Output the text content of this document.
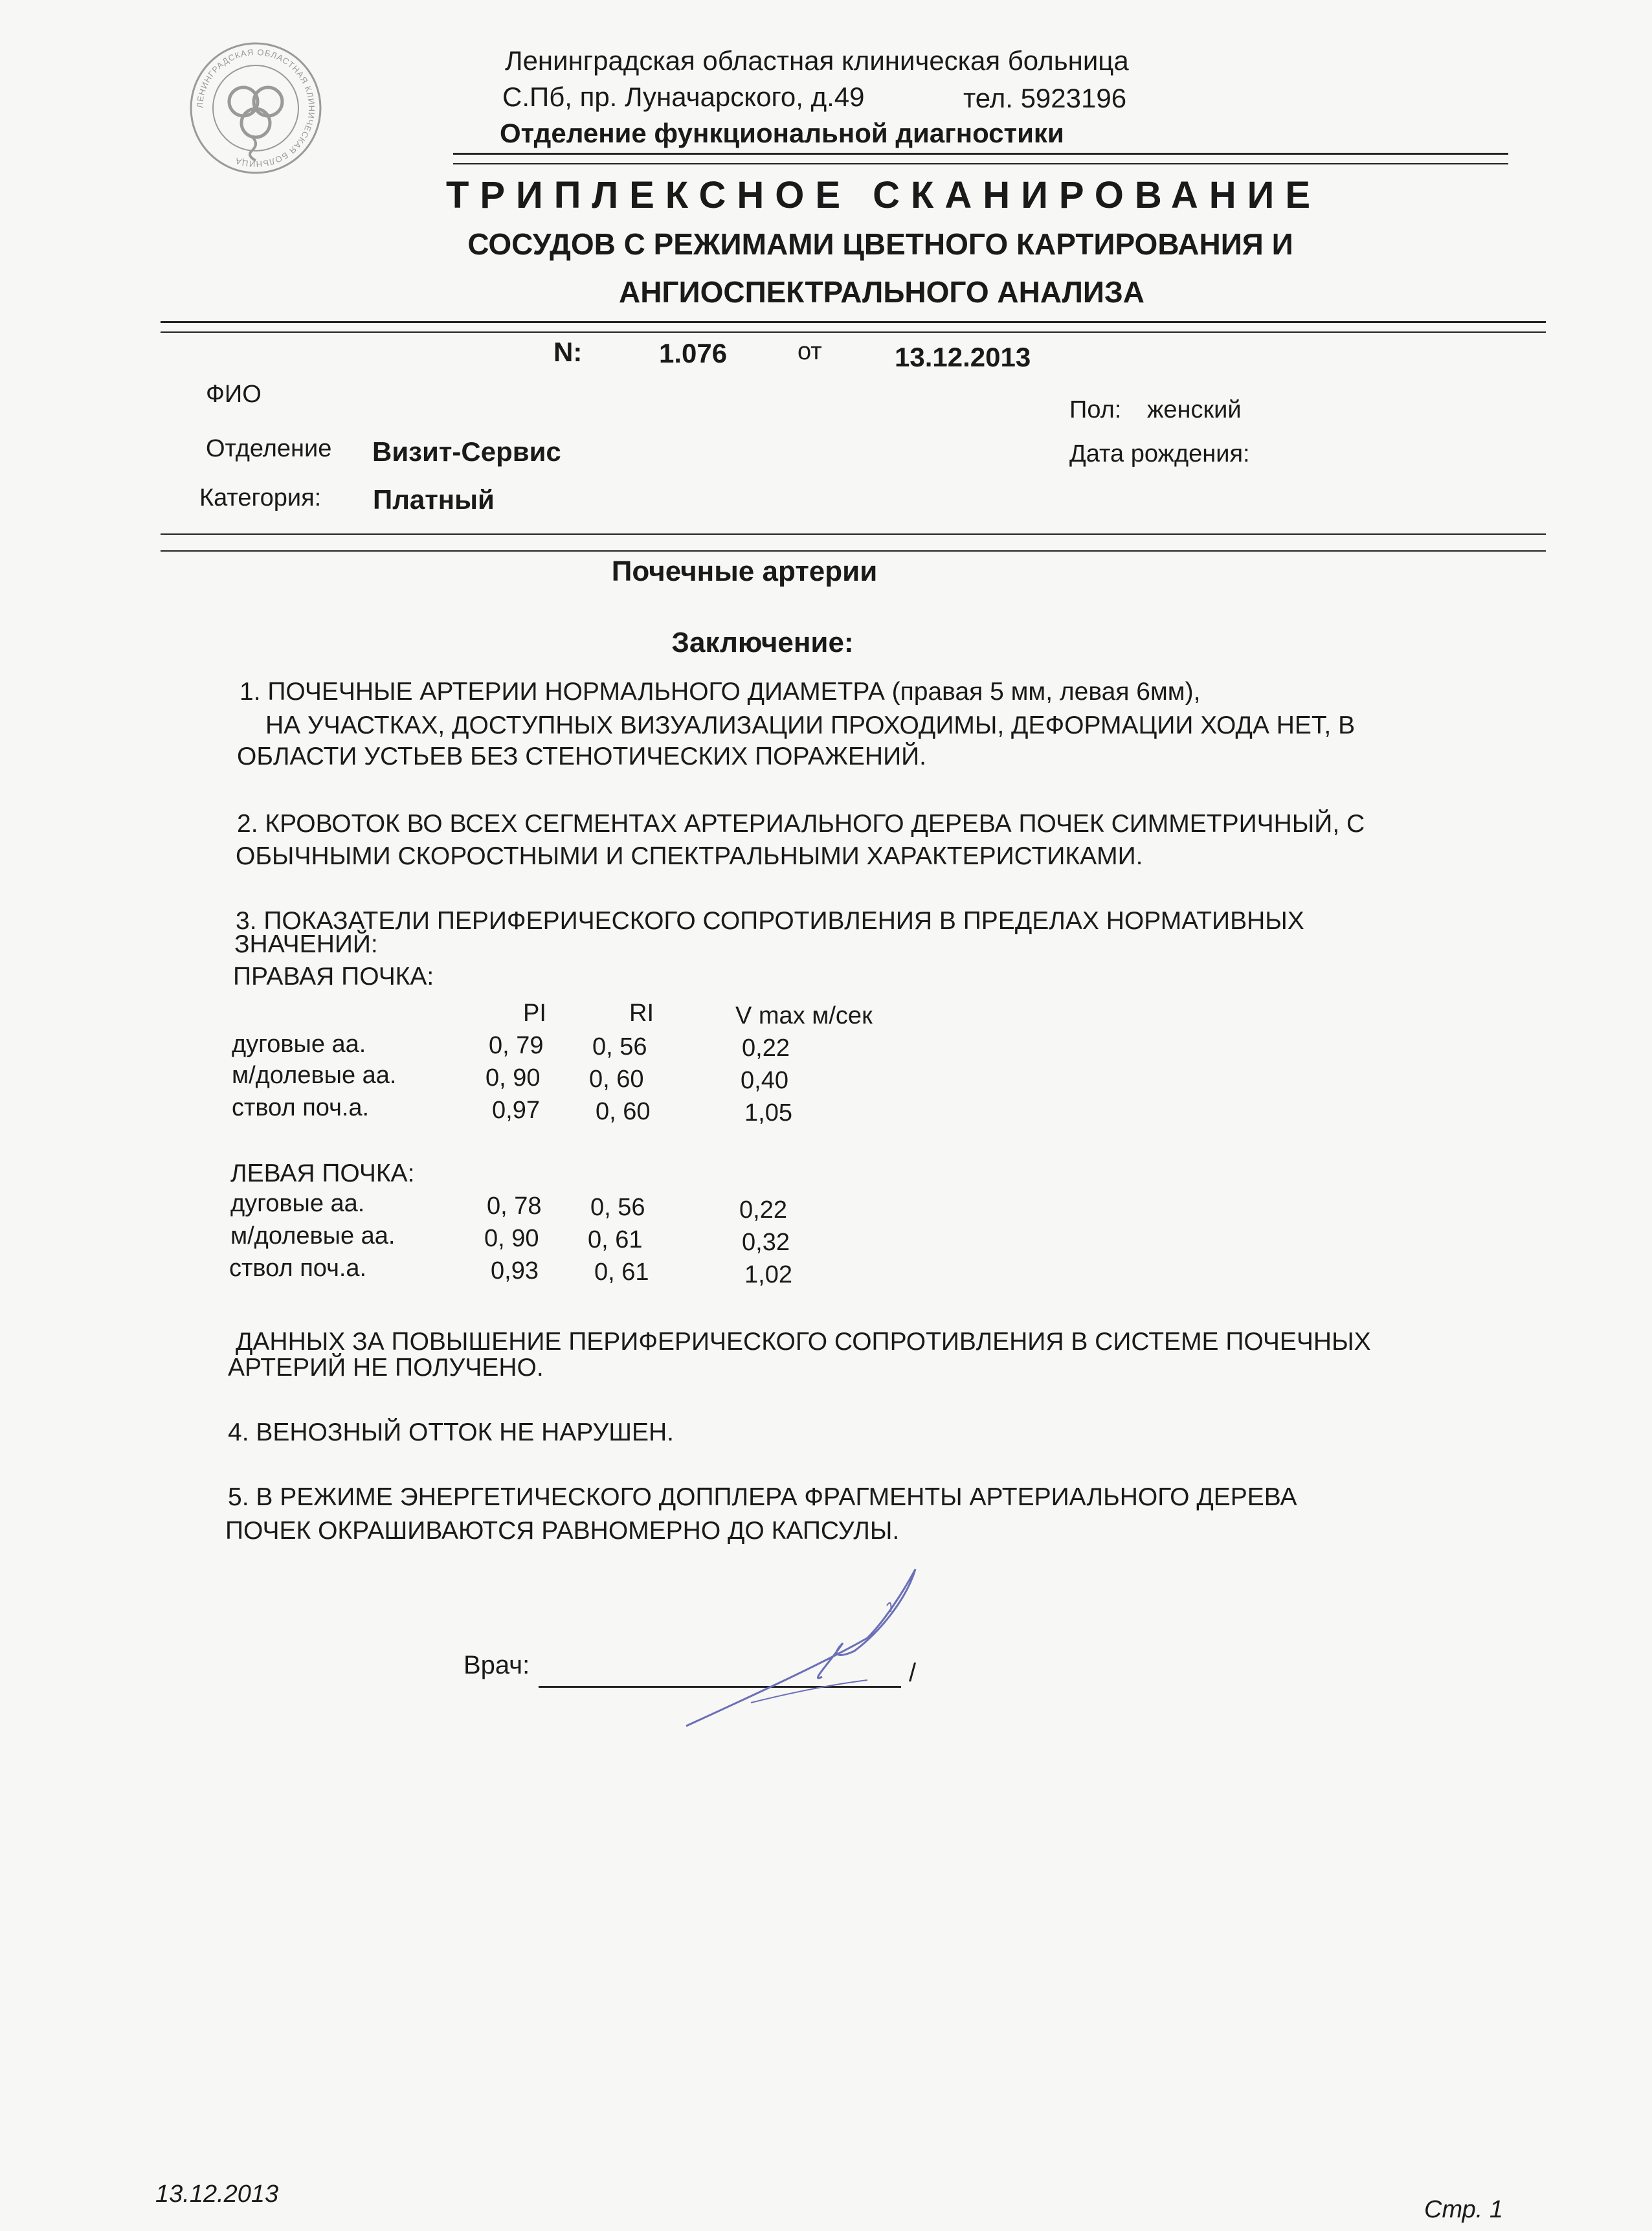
ЛЕНИНГРАДСКАЯ ОБЛАСТНАЯ КЛИНИЧЕСКАЯ БОЛЬНИЦА
Ленинградская областная клиническая больница
С.Пб, пр. Луначарского, д.49	тел. 5923196
Отделение функциональной диагностики
ТРИПЛЕКСНОЕ СКАНИРОВАНИЕ
СОСУДОВ С РЕЖИМАМИ ЦВЕТНОГО КАРТИРОВАНИЯ И
АНГИОСПЕКТРАЛЬНОГО АНАЛИЗА
N:	1.076	от	13.12.2013
ФИО
Отделение Визит-Сервис
Категория: Платный
Пол: женский
Дата рождения:
Почечные артерии
Заключение:
1. ПОЧЕЧНЫЕ АРТЕРИИ НОРМАЛЬНОГО ДИАМЕТРА (правая 5 мм, левая 6мм),
НА УЧАСТКАХ, ДОСТУПНЫХ ВИЗУАЛИЗАЦИИ ПРОХОДИМЫ, ДЕФОРМАЦИИ ХОДА НЕТ, В
ОБЛАСТИ УСТЬЕВ БЕЗ СТЕНОТИЧЕСКИХ ПОРАЖЕНИЙ.
2. КРОВОТОК ВО ВСЕХ СЕГМЕНТАХ АРТЕРИАЛЬНОГО ДЕРЕВА ПОЧЕК СИММЕТРИЧНЫЙ, С
ОБЫЧНЫМИ СКОРОСТНЫМИ И СПЕКТРАЛЬНЫМИ ХАРАКТЕРИСТИКАМИ.
3. ПОКАЗАТЕЛИ ПЕРИФЕРИЧЕСКОГО СОПРОТИВЛЕНИЯ В ПРЕДЕЛАХ НОРМАТИВНЫХ
ЗНАЧЕНИЙ:
ПРАВАЯ ПОЧКА:
PI	RI	V max м/сек
дуговые аа.	0, 79 0, 56	0,22
м/долевые аа.	0, 90 0, 60	0,40
ствол поч.а.	0,97 0, 60	1,05
ЛЕВАЯ ПОЧКА:
дуговые аа.	0, 78 0, 56	0,22
м/долевые аа.	0, 90 0, 61	0,32
ствол поч.а.	0,93 0, 61	1,02
ДАННЫХ ЗА ПОВЫШЕНИЕ ПЕРИФЕРИЧЕСКОГО СОПРОТИВЛЕНИЯ В СИСТЕМЕ ПОЧЕЧНЫХ
АРТЕРИЙ НЕ ПОЛУЧЕНО.
4. ВЕНОЗНЫЙ ОТТОК НЕ НАРУШЕН.
5. В РЕЖИМЕ ЭНЕРГЕТИЧЕСКОГО ДОППЛЕРА ФРАГМЕНТЫ АРТЕРИАЛЬНОГО ДЕРЕВА
ПОЧЕК ОКРАШИВАЮТСЯ РАВНОМЕРНО ДО КАПСУЛЫ.
Врач:	/
13.12.2013
Стр. 1
